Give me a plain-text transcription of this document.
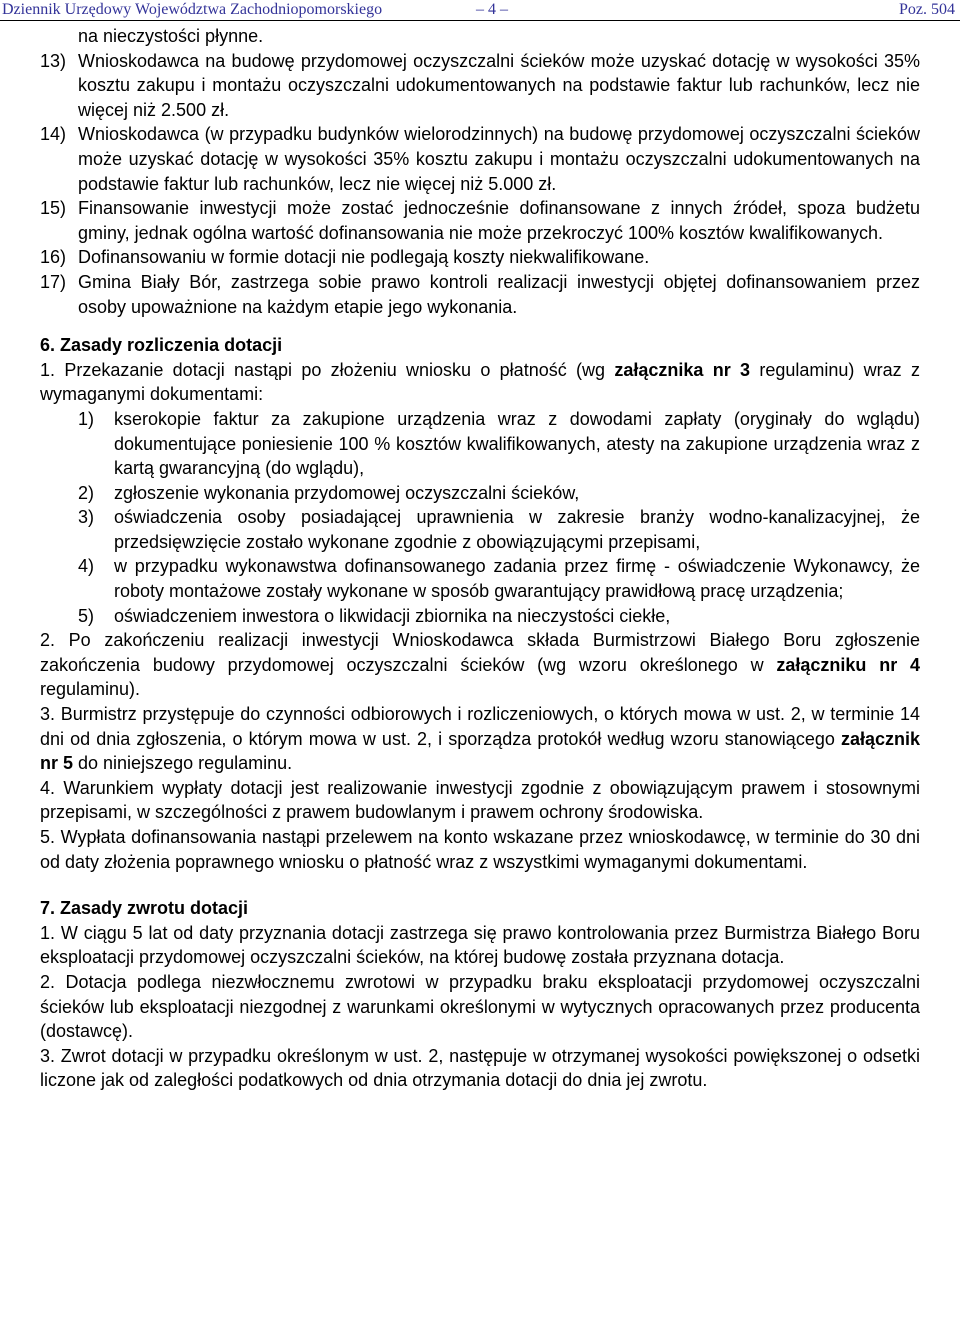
Dziennik Urzędowy Województwa Zachodniopomorskiego	– 4 –	Poz. 504
na nieczystości płynne.
13) Wnioskodawca na budowę przydomowej oczyszczalni ścieków może uzyskać dotację w wysokości 35% kosztu zakupu i montażu oczyszczalni udokumentowanych na podstawie faktur lub rachunków, lecz nie więcej niż 2.500 zł.
14) Wnioskodawca (w przypadku budynków wielorodzinnych) na budowę przydomowej oczyszczalni ścieków może uzyskać dotację w wysokości 35% kosztu zakupu i montażu oczyszczalni udokumentowanych na podstawie faktur lub rachunków, lecz nie więcej niż 5.000 zł.
15) Finansowanie inwestycji może zostać jednocześnie dofinansowane z innych źródeł, spoza budżetu gminy, jednak ogólna wartość dofinansowania nie może przekroczyć 100% kosztów kwalifikowanych.
16) Dofinansowaniu w formie dotacji nie podlegają koszty niekwalifikowane.
17) Gmina Biały Bór, zastrzega sobie prawo kontroli realizacji inwestycji objętej dofinansowaniem przez osoby upoważnione na każdym etapie jego wykonania.
6. Zasady rozliczenia dotacji
1. Przekazanie dotacji nastąpi po złożeniu wniosku o płatność (wg załącznika nr 3 regulaminu) wraz z wymaganymi dokumentami:
1)	kserokopie faktur za zakupione urządzenia wraz z dowodami zapłaty (oryginały do wglądu) dokumentujące poniesienie 100 % kosztów kwalifikowanych, atesty na zakupione urządzenia wraz z kartą gwarancyjną (do wglądu),
2)	zgłoszenie wykonania przydomowej oczyszczalni ścieków,
3)	oświadczenia osoby posiadającej uprawnienia w zakresie branży wodno-kanalizacyjnej, że przedsięwzięcie zostało wykonane zgodnie z obowiązującymi przepisami,
4)	w przypadku wykonawstwa dofinansowanego zadania przez firmę - oświadczenie Wykonawcy, że roboty montażowe zostały wykonane w sposób gwarantujący prawidłową pracę urządzenia;
5)	oświadczeniem inwestora o likwidacji zbiornika na nieczystości ciekłe,
2. Po zakończeniu realizacji inwestycji Wnioskodawca składa Burmistrzowi Białego Boru zgłoszenie zakończenia budowy przydomowej oczyszczalni ścieków (wg wzoru określonego w załączniku nr 4 regulaminu).
3. Burmistrz przystępuje do czynności odbiorowych i rozliczeniowych, o których mowa w ust. 2, w terminie 14 dni od dnia zgłoszenia, o którym mowa w ust. 2, i sporządza protokół według wzoru stanowiącego załącznik nr 5 do niniejszego regulaminu.
4. Warunkiem wypłaty dotacji jest realizowanie inwestycji zgodnie z obowiązującym prawem i stosownymi przepisami, w szczególności z prawem budowlanym i prawem ochrony środowiska.
5. Wypłata dofinansowania nastąpi przelewem na konto wskazane przez wnioskodawcę, w terminie do 30 dni od daty złożenia poprawnego wniosku o płatność wraz z wszystkimi wymaganymi dokumentami.
7. Zasady zwrotu dotacji
1. W ciągu 5 lat od daty przyznania dotacji zastrzega się prawo kontrolowania przez Burmistrza Białego Boru eksploatacji przydomowej oczyszczalni ścieków, na której budowę została przyznana dotacja.
2. Dotacja podlega niezwłocznemu zwrotowi w przypadku braku eksploatacji przydomowej oczyszczalni ścieków lub eksploatacji niezgodnej z warunkami określonymi w wytycznych opracowanych przez producenta (dostawcę).
3. Zwrot dotacji w przypadku określonym w ust. 2, następuje w otrzymanej wysokości powiększonej o odsetki liczone jak od zaległości podatkowych od dnia otrzymania dotacji do dnia jej zwrotu.
